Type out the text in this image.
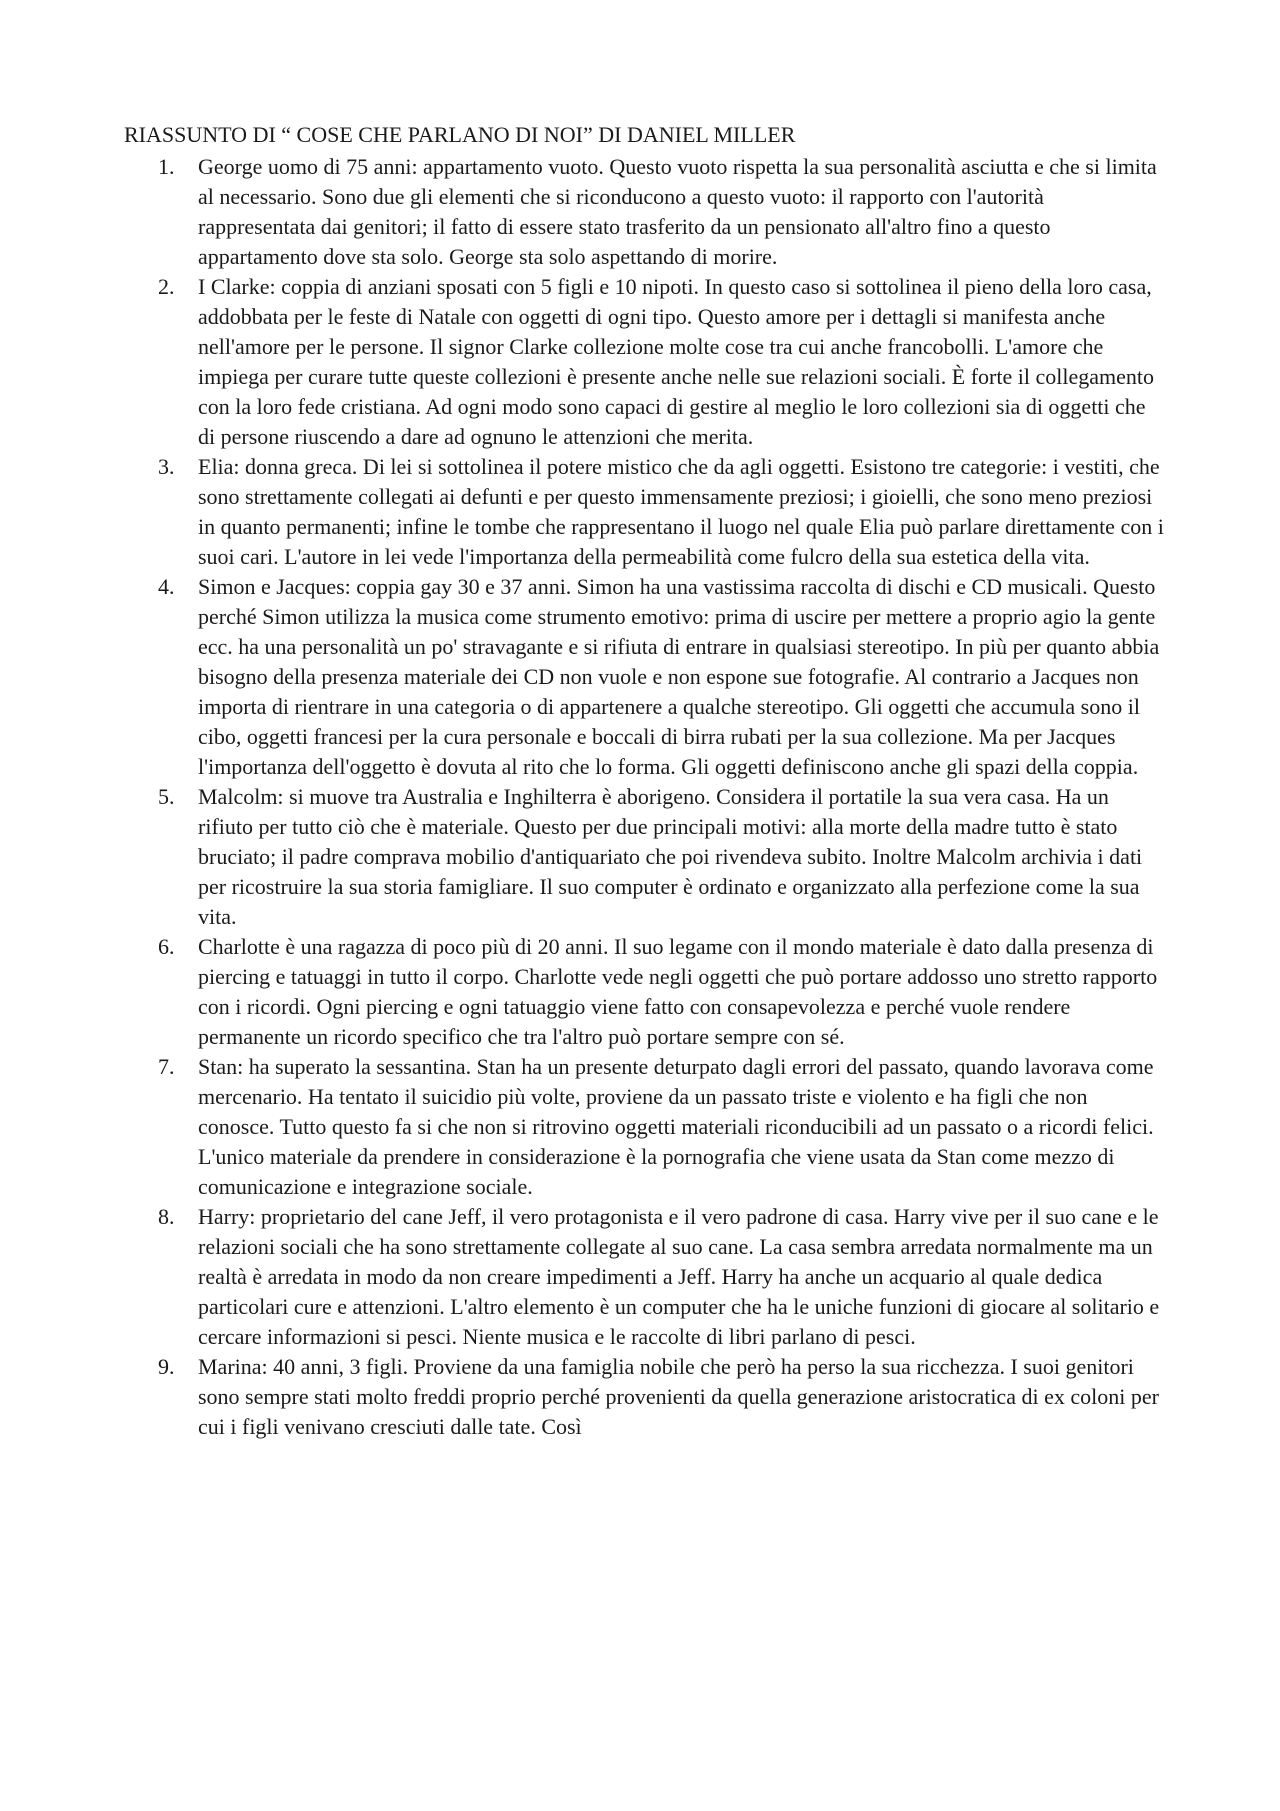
RIASSUNTO DI “ COSE CHE PARLANO DI NOI” DI DANIEL MILLER
1.	George uomo di 75 anni: appartamento vuoto. Questo vuoto rispetta la sua personalità asciutta e che si limita al necessario. Sono due gli elementi che si riconducono a questo vuoto: il rapporto con l'autorità rappresentata dai genitori; il fatto di essere stato trasferito da un pensionato all'altro fino a questo appartamento dove sta solo. George sta solo aspettando di morire.
2.	I Clarke: coppia di anziani sposati con 5 figli e 10 nipoti. In questo caso si sottolinea il pieno della loro casa, addobbata per le feste di Natale con oggetti di ogni tipo. Questo amore per i dettagli si manifesta anche nell'amore per le persone. Il signor Clarke collezione molte cose tra cui anche francobolli. L'amore che impiega per curare tutte queste collezioni è presente anche nelle sue relazioni sociali. È forte il collegamento con la loro fede cristiana. Ad ogni modo sono capaci di gestire al meglio le loro collezioni sia di oggetti che di persone riuscendo a dare ad ognuno le attenzioni che merita.
3.	Elia: donna greca. Di lei si sottolinea il potere mistico che da agli oggetti. Esistono tre categorie: i vestiti, che sono strettamente collegati ai defunti e per questo immensamente preziosi; i gioielli, che sono meno preziosi in quanto permanenti; infine le tombe che rappresentano il luogo nel quale Elia può parlare direttamente con i suoi cari. L'autore in lei vede l'importanza della permeabilità come fulcro della sua estetica della vita.
4.	Simon e Jacques: coppia gay 30 e 37 anni. Simon ha una vastissima raccolta di dischi e CD musicali. Questo perché Simon utilizza la musica come strumento emotivo: prima di uscire per mettere a proprio agio la gente ecc. ha una personalità un po' stravagante e si rifiuta di entrare in qualsiasi stereotipo. In più per quanto abbia bisogno della presenza materiale dei CD non vuole e non espone sue fotografie. Al contrario a Jacques non importa di rientrare in una categoria o di appartenere a qualche stereotipo. Gli oggetti che accumula sono il cibo, oggetti francesi per la cura personale e boccali di birra rubati per la sua collezione. Ma per Jacques l'importanza dell'oggetto è dovuta al rito che lo forma. Gli oggetti definiscono anche gli spazi della coppia.
5.	Malcolm: si muove tra Australia e Inghilterra è aborigeno. Considera il portatile la sua vera casa. Ha un rifiuto per tutto ciò che è materiale. Questo per due principali motivi: alla morte della madre tutto è stato bruciato; il padre comprava mobilio d'antiquariato che poi rivendeva subito. Inoltre Malcolm archivia i dati per ricostruire la sua storia famigliare. Il suo computer è ordinato e organizzato alla perfezione come la sua vita.
6.	Charlotte è una ragazza di poco più di 20 anni. Il suo legame con il mondo materiale è dato dalla presenza di piercing e tatuaggi in tutto il corpo. Charlotte vede negli oggetti che può portare addosso uno stretto rapporto con i ricordi. Ogni piercing e ogni tatuaggio viene fatto con consapevolezza e perché vuole rendere permanente un ricordo specifico che tra l'altro può portare sempre con sé.
7.	Stan: ha superato la sessantina. Stan ha un presente deturpato dagli errori del passato, quando lavorava come mercenario. Ha tentato il suicidio più volte, proviene da un passato triste e violento e ha figli che non conosce. Tutto questo fa si che non si ritrovino oggetti materiali riconducibili ad un passato o a ricordi felici. L'unico materiale da prendere in considerazione è la pornografia che viene usata da Stan come mezzo di comunicazione e integrazione sociale.
8.	Harry: proprietario del cane Jeff, il vero protagonista e il vero padrone di casa. Harry vive per il suo cane e le relazioni sociali che ha sono strettamente collegate al suo cane. La casa sembra arredata normalmente ma un realtà è arredata in modo da non creare impedimenti a Jeff. Harry ha anche un acquario al quale dedica particolari cure e attenzioni. L'altro elemento è un computer che ha le uniche funzioni di giocare al solitario e cercare informazioni si pesci. Niente musica e le raccolte di libri parlano di pesci.
9.	Marina: 40 anni, 3 figli. Proviene da una famiglia nobile che però ha perso la sua ricchezza. I suoi genitori sono sempre stati molto freddi proprio perché provenienti da quella generazione aristocratica di ex coloni per cui i figli venivano cresciuti dalle tate. Così
